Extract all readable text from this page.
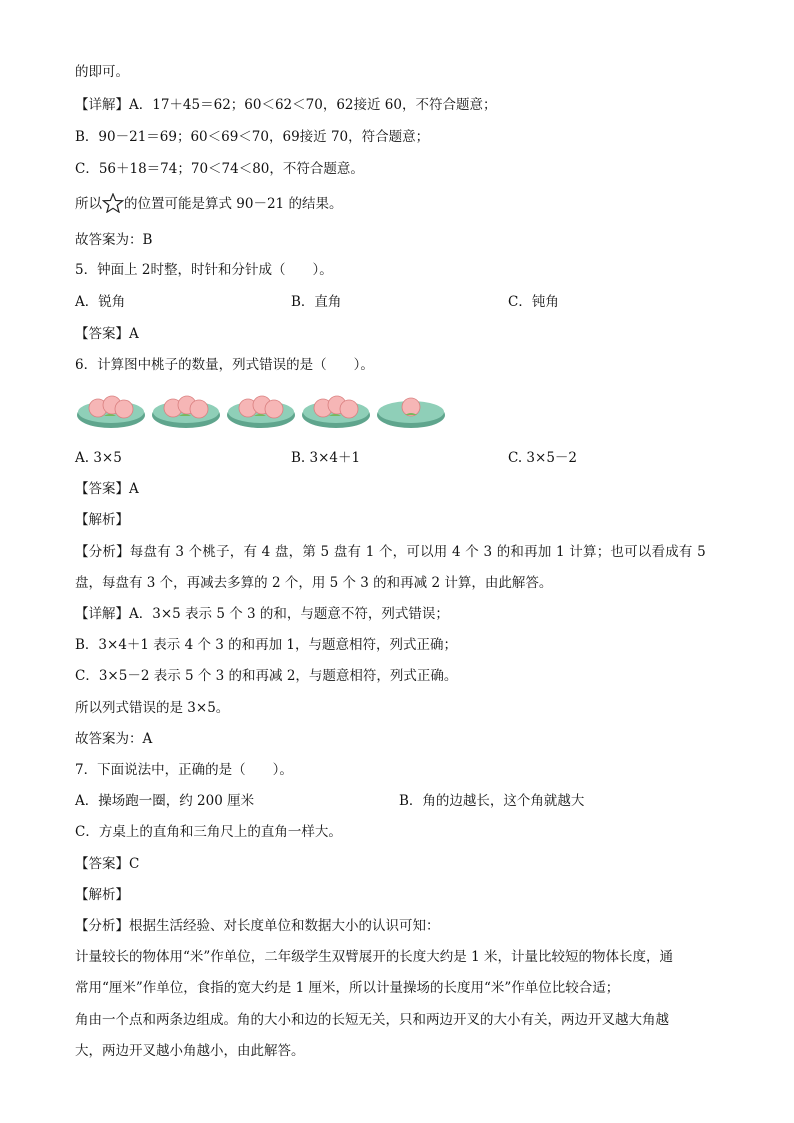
的即可。
【详解】A．17＋45＝62；60＜62＜70，62接近 60，不符合题意；
B．90－21＝69；60＜69＜70，69接近 70，符合题意；
C．56＋18＝74；70＜74＜80，不符合题意。
所以 的位置可能是算式 90－21 的结果。
故答案为：B
5．钟面上 2时整，时针和分针成（　　）。
A．锐角	B．直角	C．钝角
【答案】A
6．计算图中桃子的数量，列式错误的是（　　）。
A. 3×5	B. 3×4＋1	C. 3×5－2
【答案】A
【解析】
【分析】每盘有 3 个桃子，有 4 盘，第 5 盘有 1 个，可以用 4 个 3 的和再加 1 计算；也可以看成有 5
盘，每盘有 3 个，再减去多算的 2 个，用 5 个 3 的和再减 2 计算，由此解答。
【详解】A．3×5 表示 5 个 3 的和，与题意不符，列式错误；
B．3×4＋1 表示 4 个 3 的和再加 1，与题意相符，列式正确；
C．3×5－2 表示 5 个 3 的和再减 2，与题意相符，列式正确。
所以列式错误的是 3×5。
故答案为：A
7．下面说法中，正确的是（　　）。
A．操场跑一圈，约 200 厘米	B．角的边越长，这个角就越大
C．方桌上的直角和三角尺上的直角一样大。
【答案】C
【解析】
【分析】根据生活经验、对长度单位和数据大小的认识可知：
计量较长的物体用“米”作单位，二年级学生双臂展开的长度大约是 1 米，计量比较短的物体长度，通
常用“厘米”作单位，食指的宽大约是 1 厘米，所以计量操场的长度用“米”作单位比较合适；
角由一个点和两条边组成。角的大小和边的长短无关，只和两边开叉的大小有关，两边开叉越大角越
大，两边开叉越小角越小，由此解答。
